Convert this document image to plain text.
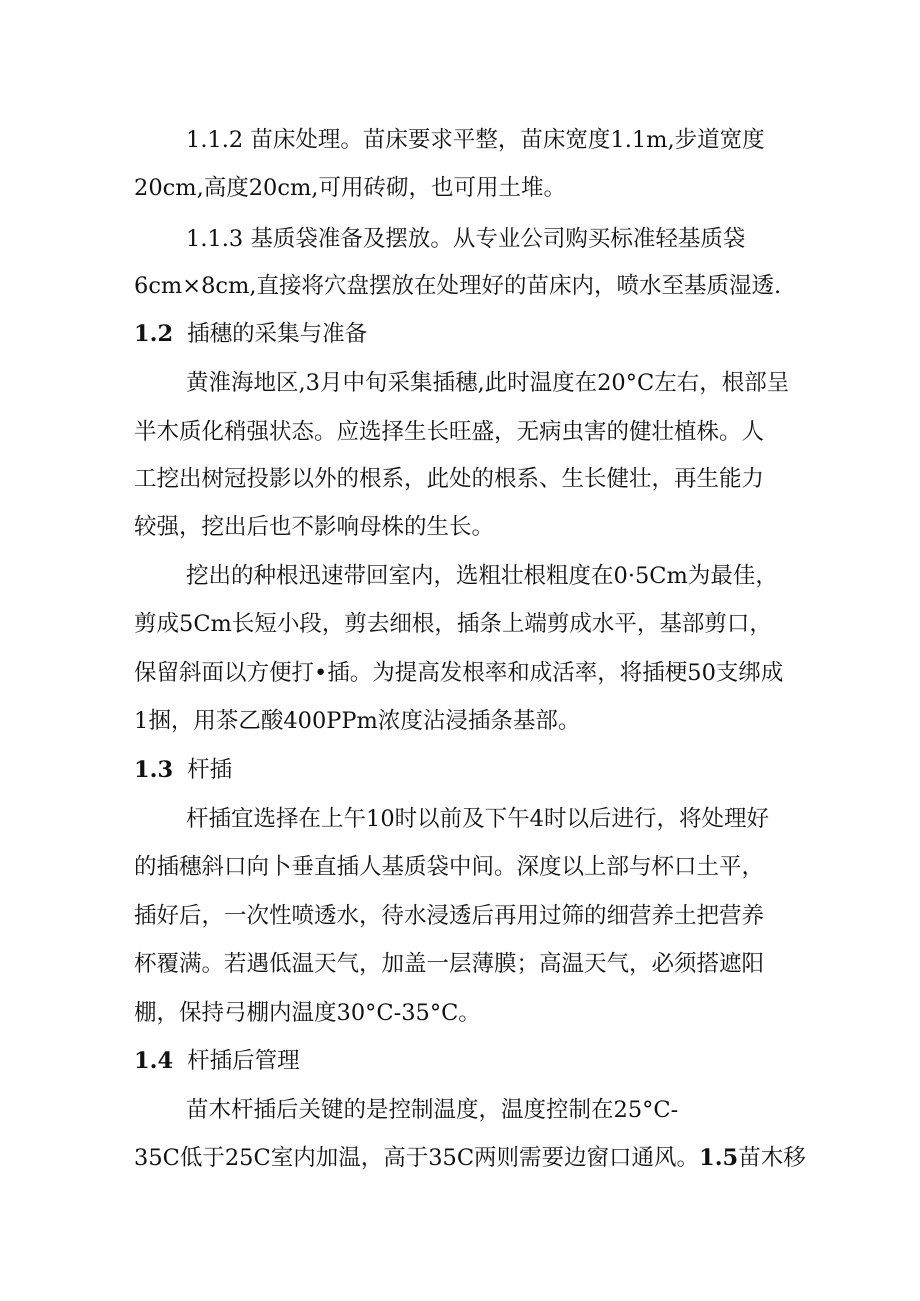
1.1.2 苗床处理。苗床要求平整，苗床宽度1.1m,步道宽度
20cm,高度20cm,可用砖砌，也可用土堆。
1.1.3 基质袋准备及摆放。从专业公司购买标准轻基质袋
6cm×8cm,直接将穴盘摆放在处理好的苗床内，喷水至基质湿透.
1.2 插穗的采集与准备
黄淮海地区,3月中旬采集插穗,此时温度在20°C左右，根部呈
半木质化稍强状态。应选择生长旺盛，无病虫害的健壮植株。人
工挖出树冠投影以外的根系，此处的根系、生长健壮，再生能力
较强，挖出后也不影响母株的生长。
挖出的种根迅速带回室内，选粗壮根粗度在0·5Cm为最佳，
剪成5Cm长短小段，剪去细根，插条上端剪成水平，基部剪口，
保留斜面以方便打•插。为提高发根率和成活率，将插梗50支绑成
1捆，用茶乙酸400PPm浓度沾浸插条基部。
1.3 杆插
杆插宜选择在上午10时以前及下午4时以后进行，将处理好
的插穗斜口向卜垂直插人基质袋中间。深度以上部与杯口土平，
插好后，一次性喷透水，待水浸透后再用过筛的细营养土把营养
杯覆满。若遇低温天气，加盖一层薄膜；高温天气，必须搭遮阳
棚，保持弓棚内温度30°C-35°C。
1.4 杆插后管理
苗木杆插后关键的是控制温度，温度控制在25°C-
35C低于25C室内加温，高于35C两则需要边窗口通风。1.5苗木移
